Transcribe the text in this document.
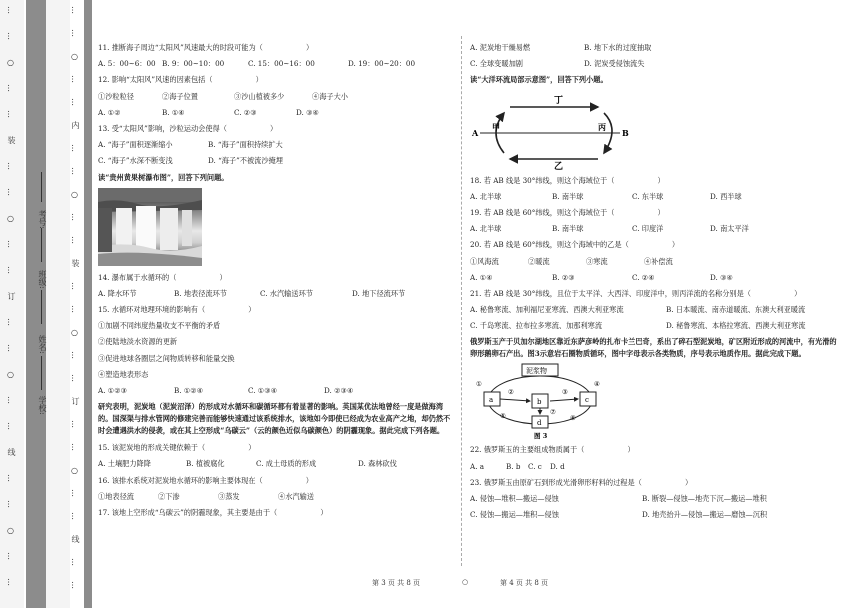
…
…
○
…
…
装
…
…
○
…
…
订
…
…
○
…
…
线
…
…
○
…
…
…
…
○
…
…
内
…
…
○
…
…
装
…
…
○
…
…
订
…
…
○
…
…
线
…
…
学校:
姓名:
班级:
考号:
11. 推断海子周边“太阳风”风速最大的时段可能为（　　　　　　）
A. 5：00~6：00 B. 9：00~10：00	C. 15：00~16：00	D. 19：00~20：00
12. 影响“太阳风”风速的因素包括（　　　　　　）
①沙粒粒径	②海子位置	③沙山植被多少	④海子大小
A. ①②	B. ①④	C. ②③	D. ③④
13. 受“太阳风”影响，沙粒运动会使得（　　　　　　）
A. “海子”面积逐渐缩小	B. “海子”面积持续扩大
C. “海子”水深不断变浅	D. “海子”不被流沙掩埋
读“贵州黄果树瀑布图”，回答下列问题。
14. 瀑布属于水循环的（　　　　　　）
A. 降水环节	B. 地表径流环节	C. 水汽输送环节	D. 地下径流环节
15. 水循环对地理环境的影响有（　　　　　　）
①加剧不同纬度热量收支不平衡的矛盾
②使陆地淡水资源的更新
③促进地球各圈层之间物质转移和能量交换
④塑造地表形态
A. ①②③	B. ①②④	C. ①③④	D. ②③④
研究表明，泥炭地（泥炭沼泽）的形成对水循环和碳循环都有着显著的影响。英国某优法地曾经一度是做海湾的。国深渠与排水管网的修建完善而能够快速通过该系统排水，该地如今即使已经成为农业高产之地，却仍然不时会遭遇洪水的侵袭，或在其上空形成“乌碳云”（云的颜色近似乌碳颜色）的阴霾现象。据此完成下列各题。
15. 该泥炭地的形成关键依赖于（　　　　　　）
A. 土壤肥力降降	B. 植被腐化	C. 成土母质的形成	D. 森林砍伐
16. 该排水系统对泥炭地水循环的影响主要体现在（　　　　　　）
①地表径流	②下渗	③蒸发	④水汽输送
17. 该地上空形成“乌碳云”的阴霾现象，其主要是由于（　　　　　　）
A. 泥炭地干燥易燃	B. 地下水的过度抽取
C. 全球变暖加剧	D. 泥炭受侵蚀流失
读“大洋环流局部示意图”，回答下列小题。
丁
乙
甲	丙
A	B
18. 若 AB 线是 30°纬线，则这个海域位于（　　　　　　）
A. 北半球	B. 南半球	C. 东半球	D. 西半球
19. 若 AB 线是 60°纬线，则这个海域位于（　　　　　　）
A. 北半球	B. 南半球	C. 印度洋	D. 南太平洋
20. 若 AB 线是 60°纬线，则这个海域中的乙是（　　　　　　）
①风海流	②暖流	③寒流	④补偿流
A. ①④	B. ②③	C. ②④	D. ③④
21. 若 AB 线是 30°纬线，且位于太平洋、大西洋、印度洋中，则丙洋流的名称分别是（　　　　　　）
A. 秘鲁寒流、加利福尼亚寒流、西澳大利亚寒流	B. 日本暖流、南赤道暖流、东澳大利亚暖流
C. 千岛寒流、拉布拉多寒流、加那利寒流	D. 秘鲁寒流、本格拉寒流、西澳大利亚寒流
俄罗斯玉产于贝加尔湖地区靠近东萨彦岭的扎布卡兰巴奇，系出了碎石型泥炭地，矿区附近形成的河流中，有光滑的卵形鹅卵石产出。图3示意岩石圈物质循环，图中字母表示各类物质，序号表示地质作用。据此完成下题。
泥浆物
a	b	c
d
①
②	③
④
⑤	⑥
⑦
图 3
22. 俄罗斯玉的主要组成物质属于（　　　　　　）
A. a	B. b	C. c	D. d
23. 俄罗斯玉由原矿石到形成光滑卵形籽料的过程是（　　　　　　）
A. 侵蚀—堆积—搬运—侵蚀	B. 断裂—侵蚀—地壳下沉—搬运—堆积
C. 侵蚀—搬运—堆积—侵蚀	D. 地壳抬升—侵蚀—搬运—磨蚀—沉积
第 3 页 共 8 页	○	第 4 页 共 8 页
